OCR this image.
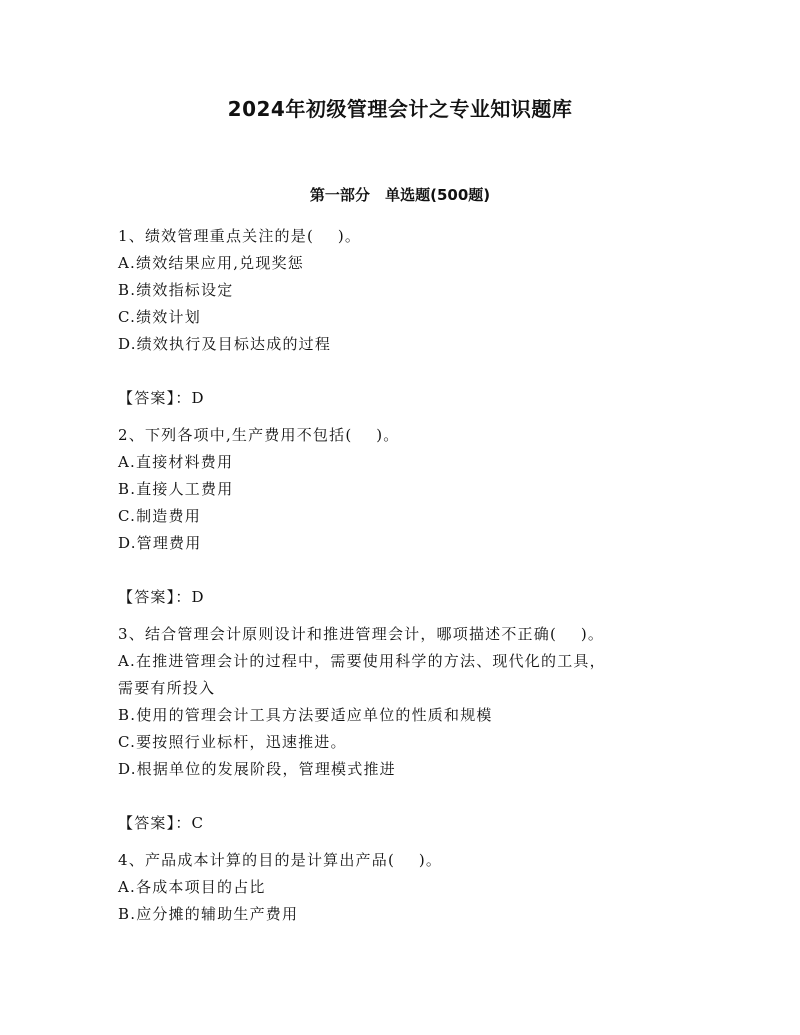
2024年初级管理会计之专业知识题库
第一部分 单选题(500题)
1、绩效管理重点关注的是(    )。
A.绩效结果应用,兑现奖惩
B.绩效指标设定
C.绩效计划
D.绩效执行及目标达成的过程
【答案】：D
2、下列各项中,生产费用不包括(    )。
A.直接材料费用
B.直接人工费用
C.制造费用
D.管理费用
【答案】：D
3、结合管理会计原则设计和推进管理会计，哪项描述不正确(    )。
A.在推进管理会计的过程中，需要使用科学的方法、现代化的工具，
需要有所投入
B.使用的管理会计工具方法要适应单位的性质和规模
C.要按照行业标杆，迅速推进。
D.根据单位的发展阶段，管理模式推进
【答案】：C
4、产品成本计算的目的是计算出产品(    )。
A.各成本项目的占比
B.应分摊的辅助生产费用
